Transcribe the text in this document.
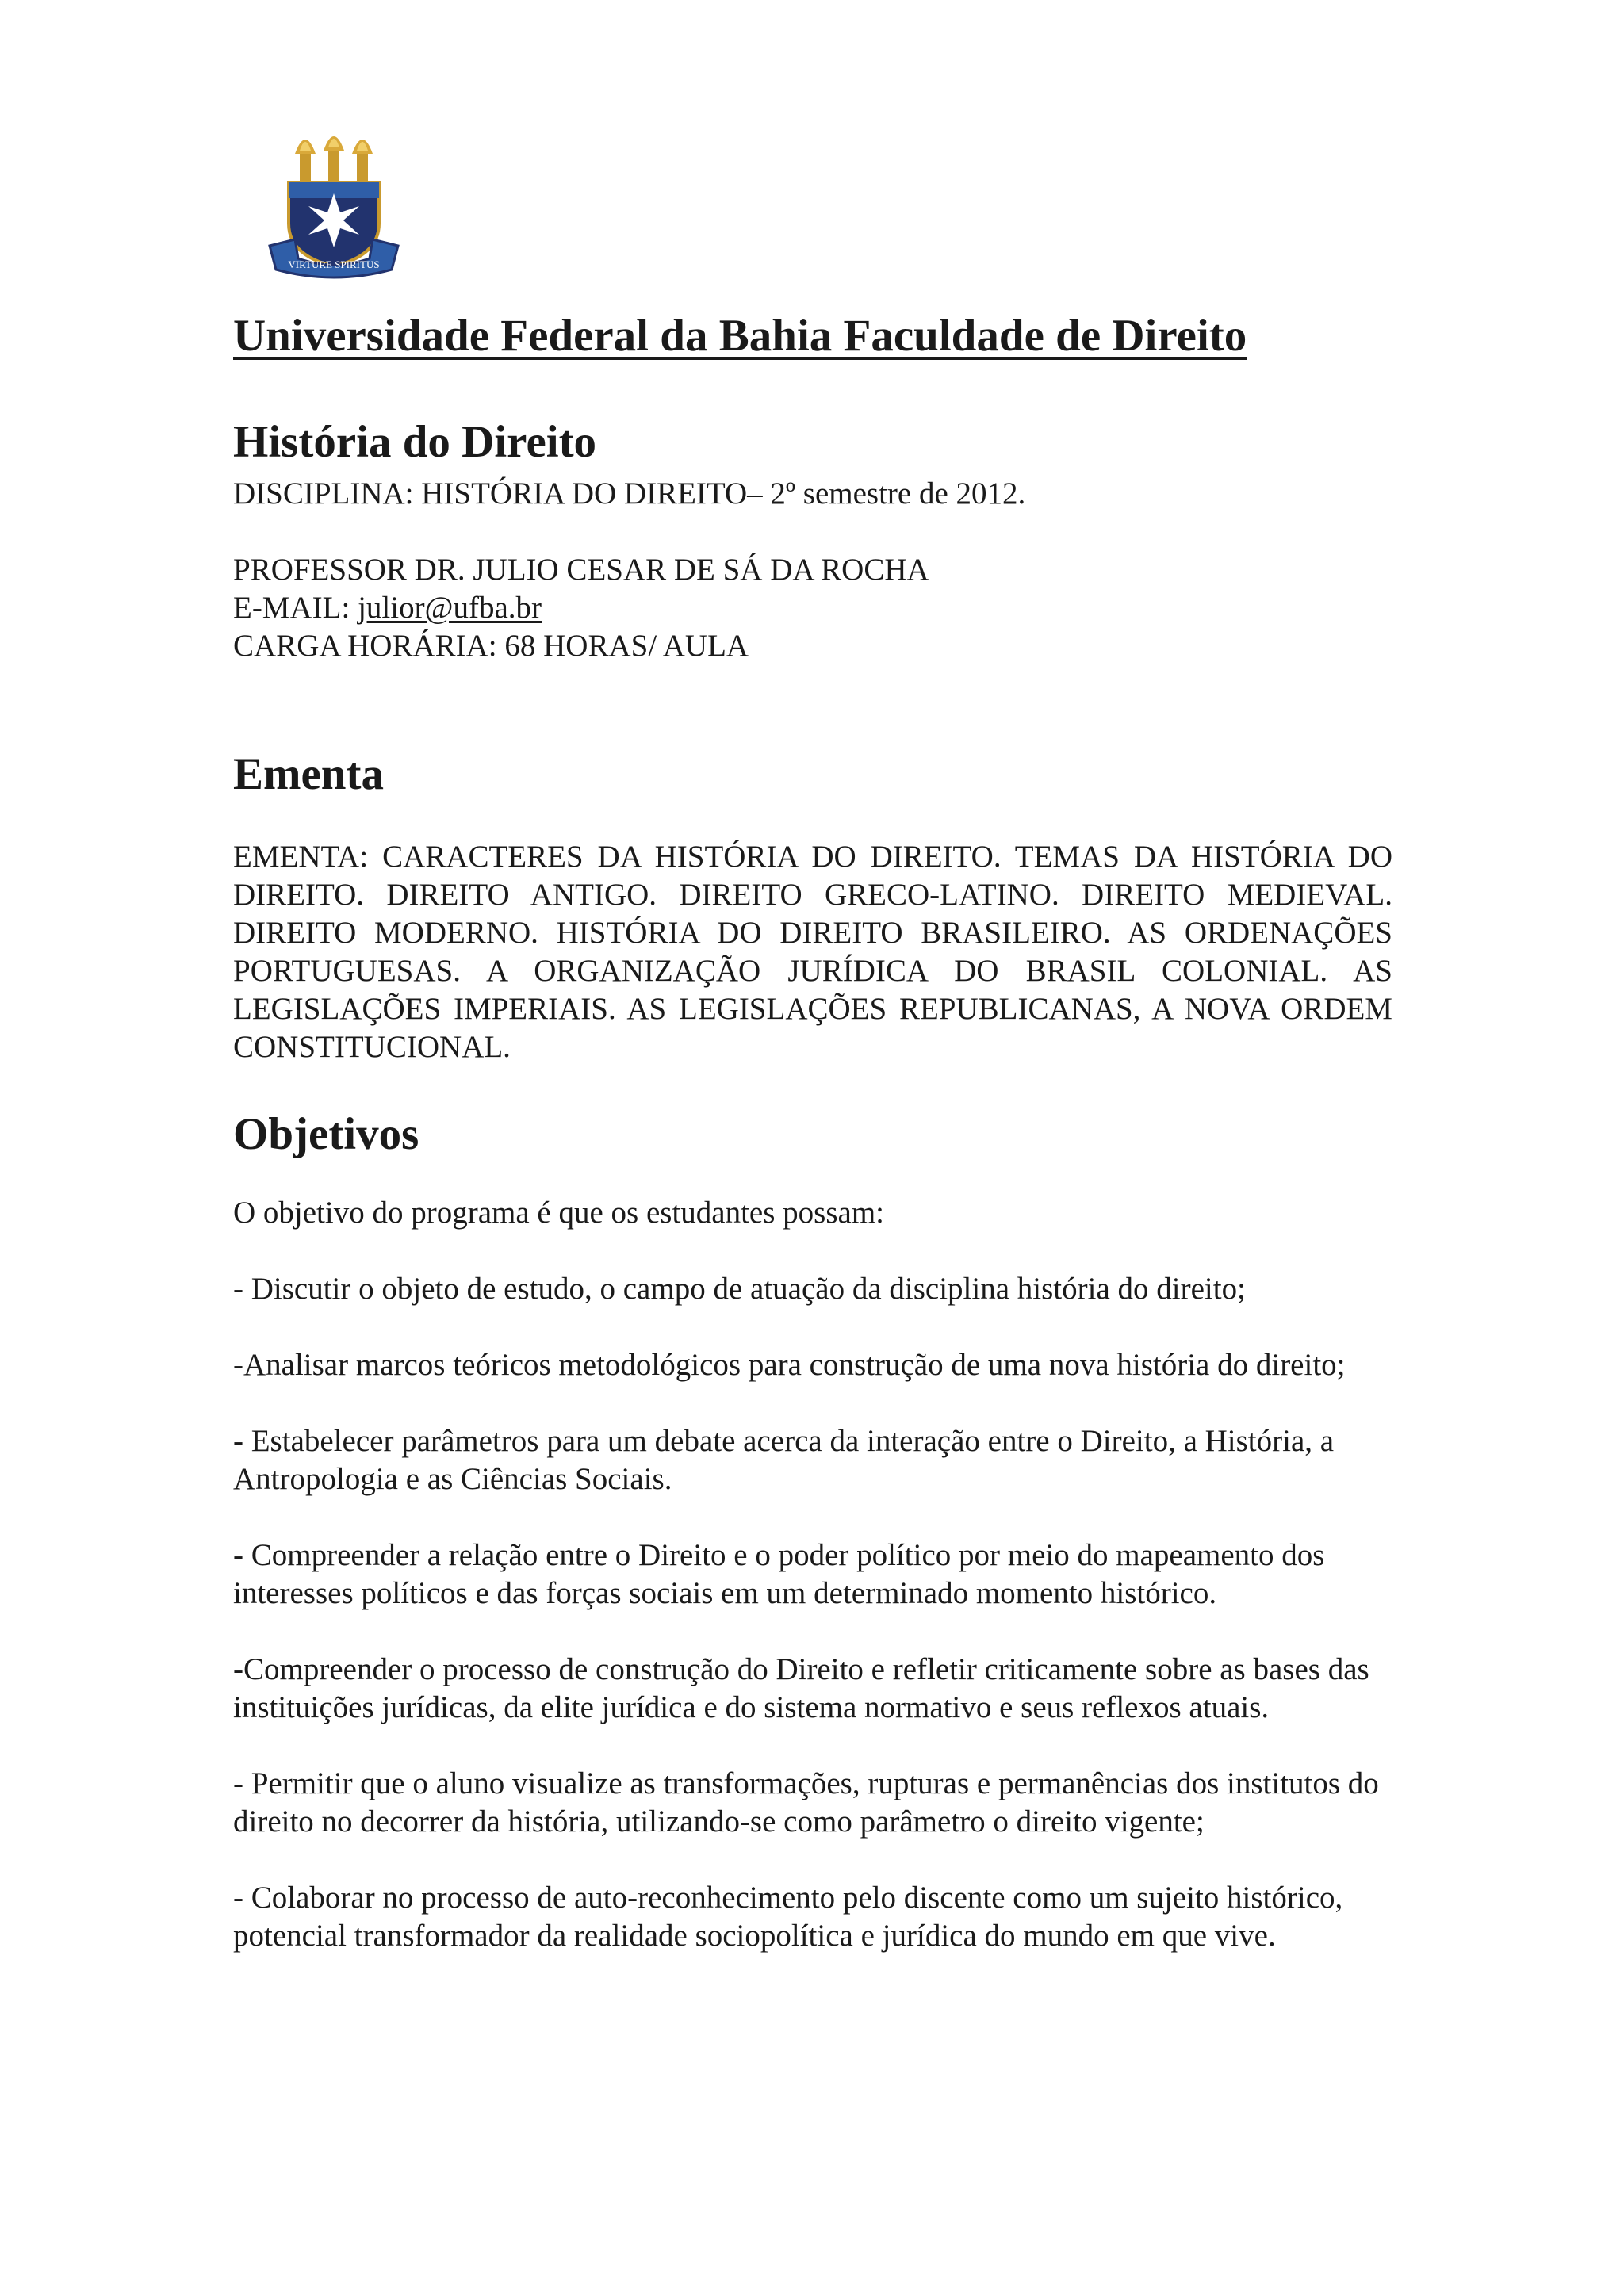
VIRTURE SPIRITUS
Universidade Federal da Bahia Faculdade de Direito
História do Direito

DISCIPLINA: HISTÓRIA DO DIREITO– 2º semestre de 2012.

PROFESSOR DR. JULIO CESAR DE SÁ DA ROCHA

E-MAIL: julior@ufba.br

CARGA HORÁRIA: 68 HORAS/ AULA

Ementa

EMENTA: CARACTERES DA HISTÓRIA DO DIREITO. TEMAS DA HISTÓRIA DO DIREITO. DIREITO ANTIGO. DIREITO GRECO-LATINO. DIREITO MEDIEVAL. DIREITO MODERNO. HISTÓRIA DO DIREITO BRASILEIRO. AS ORDENAÇÕES PORTUGUESAS. A ORGANIZAÇÃO JURÍDICA DO BRASIL COLONIAL. AS LEGISLAÇÕES IMPERIAIS. AS LEGISLAÇÕES REPUBLICANAS, A NOVA ORDEM CONSTITUCIONAL.

Objetivos

O objetivo do programa é que os estudantes possam:

- Discutir o objeto de estudo, o campo de atuação da disciplina história do direito;

-Analisar marcos teóricos metodológicos para construção de uma nova história do direito;

- Estabelecer parâmetros para um debate acerca da interação entre o Direito, a História, a Antropologia e as Ciências Sociais.

- Compreender a relação entre o Direito e o poder político por meio do mapeamento dos interesses políticos e das forças sociais em um determinado momento histórico.

-Compreender o processo de construção do Direito e refletir criticamente sobre as bases das instituições jurídicas, da elite jurídica e do sistema normativo e seus reflexos atuais.

- Permitir que o aluno visualize as transformações, rupturas e permanências dos institutos do direito no decorrer da história, utilizando-se como parâmetro o direito vigente;

- Colaborar no processo de auto-reconhecimento pelo discente como um sujeito histórico, potencial transformador da realidade sociopolítica e jurídica do mundo em que vive.
